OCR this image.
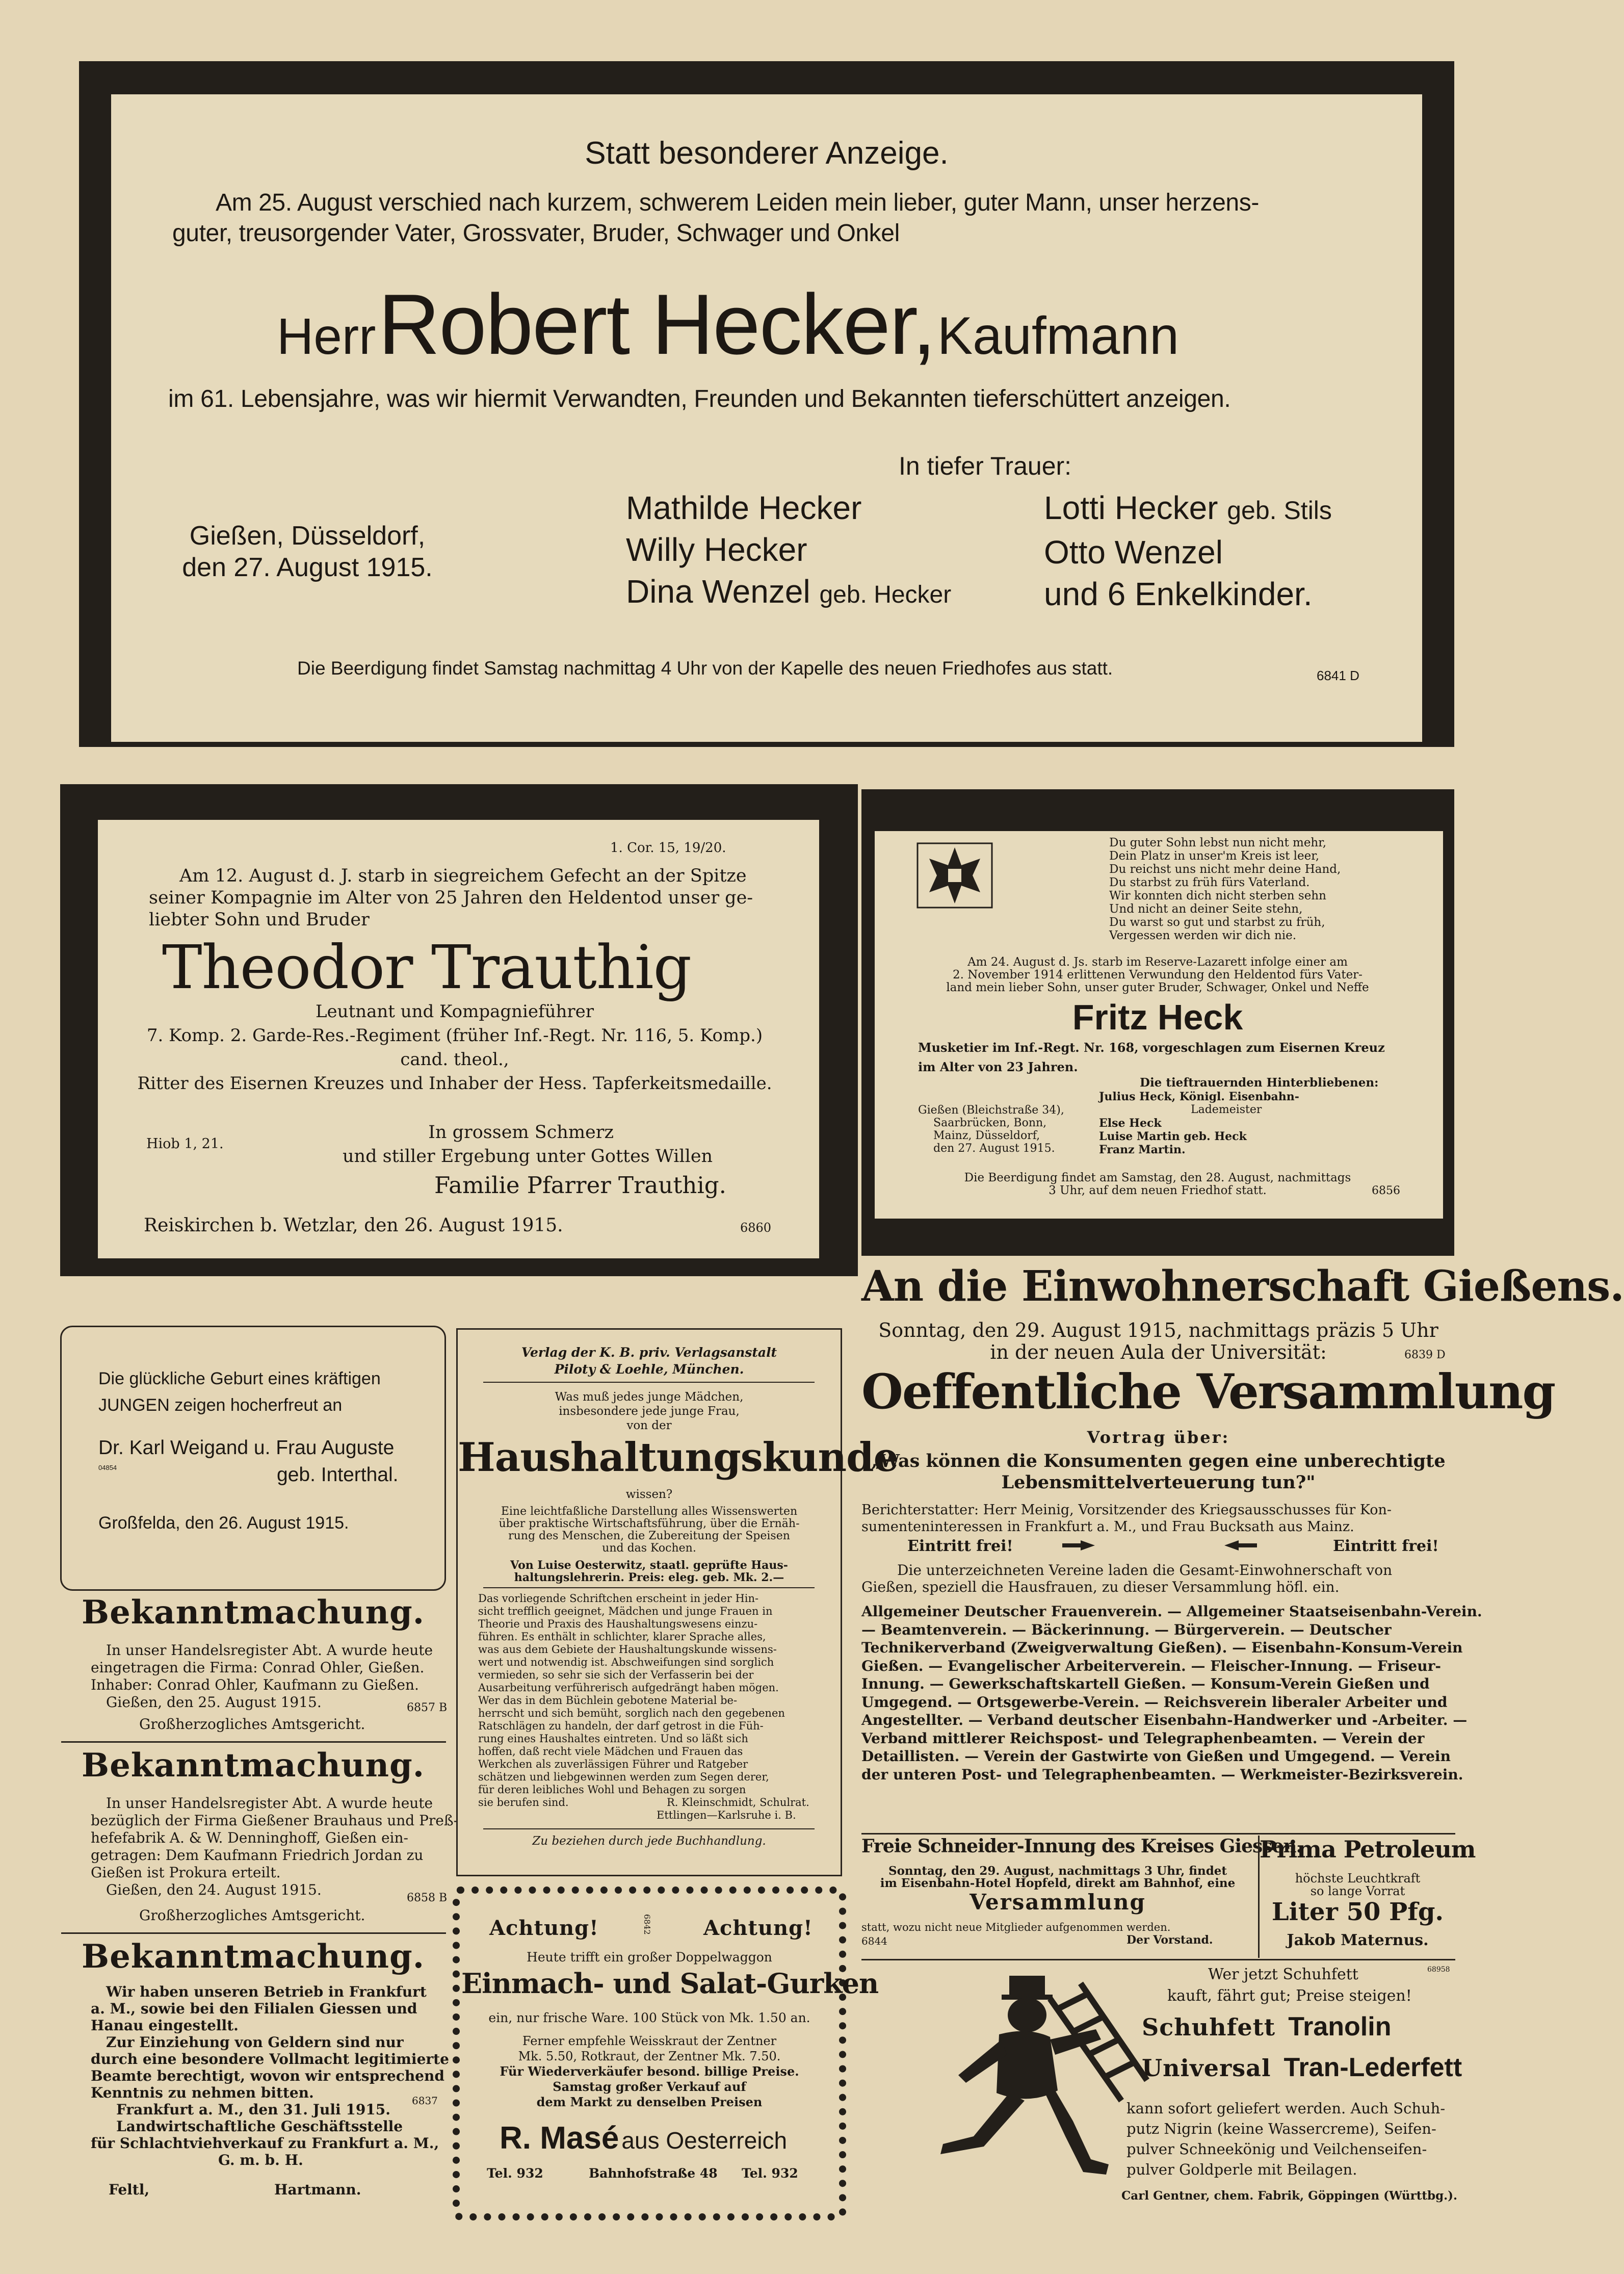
Statt besonderer Anzeige.
Am 25. August verschied nach kurzem, schwerem Leiden mein lieber, guter Mann, unser herzens-
guter, treusorgender Vater, Grossvater, Bruder, Schwager und Onkel
Herr Robert Hecker, Kaufmann
im 61. Lebensjahre, was wir hiermit Verwandten, Freunden und Bekannten tieferschüttert anzeigen.
In tiefer Trauer:
Gießen, Düsseldorf,
den 27. August 1915.
Mathilde Hecker
Willy Hecker
Dina Wenzel geb. Hecker
Lotti Hecker geb. Stils
Otto Wenzel
und 6 Enkelkinder.
Die Beerdigung findet Samstag nachmittag 4 Uhr von der Kapelle des neuen Friedhofes aus statt.	6841 D
1. Cor. 15, 19/20.
Am 12. August d. J. starb in siegreichem Gefecht an der Spitze
seiner Kompagnie im Alter von 25 Jahren den Heldentod unser ge-
liebter Sohn und Bruder
Theodor Trauthig
Leutnant und Kompagnieführer
7. Komp. 2. Garde-Res.-Regiment (früher Inf.-Regt. Nr. 116, 5. Komp.)
cand. theol.,
Ritter des Eisernen Kreuzes und Inhaber der Hess. Tapferkeitsmedaille.
Hiob 1, 21.
In grossem Schmerz
und stiller Ergebung unter Gottes Willen
Familie Pfarrer Trauthig.
Reiskirchen b. Wetzlar, den 26. August 1915.	6860
Du guter Sohn lebst nun nicht mehr,
Dein Platz in unser'm Kreis ist leer,
Du reichst uns nicht mehr deine Hand,
Du starbst zu früh fürs Vaterland.
Wir konnten dich nicht sterben sehn
Und nicht an deiner Seite stehn,
Du warst so gut und starbst zu früh,
Vergessen werden wir dich nie.
Am 24. August d. Js. starb im Reserve-Lazarett infolge einer am
2. November 1914 erlittenen Verwundung den Heldentod fürs Vater-
land mein lieber Sohn, unser guter Bruder, Schwager, Onkel und Neffe
Fritz Heck
Musketier im Inf.-Regt. Nr. 168, vorgeschlagen zum Eisernen Kreuz
im Alter von 23 Jahren.
Die tieftrauernden Hinterbliebenen:
Gießen (Bleichstraße 34),
Saarbrücken, Bonn,
Mainz, Düsseldorf,
den 27. August 1915.
Julius Heck, Königl. Eisenbahn-
Lademeister
Else Heck
Luise Martin geb. Heck
Franz Martin.
Die Beerdigung findet am Samstag, den 28. August, nachmittags
3 Uhr, auf dem neuen Friedhof statt.	6856
Die glückliche Geburt eines kräftigen
JUNGEN zeigen hocherfreut an
Dr. Karl Weigand u. Frau Auguste
04854	geb. Interthal.
Großfelda, den 26. August 1915.
Bekanntmachung.
In unser Handelsregister Abt. A wurde heute
eingetragen die Firma: Conrad Ohler, Gießen.
Inhaber: Conrad Ohler, Kaufmann zu Gießen.
Gießen, den 25. August 1915.
Großherzogliches Amtsgericht.
6857 B
Bekanntmachung.
In unser Handelsregister Abt. A wurde heute
bezüglich der Firma Gießener Brauhaus und Preß-
hefefabrik A. & W. Denninghoff, Gießen ein-
getragen: Dem Kaufmann Friedrich Jordan zu
Gießen ist Prokura erteilt.
Gießen, den 24. August 1915.
Großherzogliches Amtsgericht.
6858 B
Bekanntmachung.
Wir haben unseren Betrieb in Frankfurt
a. M., sowie bei den Filialen Giessen und
Hanau eingestellt.
Zur Einziehung von Geldern sind nur
durch eine besondere Vollmacht legitimierte
Beamte berechtigt, wovon wir entsprechend
Kenntnis zu nehmen bitten.
Frankfurt a. M., den 31. Juli 1915.
Landwirtschaftliche Geschäftsstelle
für Schlachtviehverkauf zu Frankfurt a. M.,
G. m. b. H.
Feltl,	Hartmann.
6837
Verlag der K. B. priv. Verlagsanstalt
Piloty & Loehle, München.
Was muß jedes junge Mädchen,
insbesondere jede junge Frau,
von der
Haushaltungskunde
wissen?
Eine leichtfaßliche Darstellung alles Wissenswerten
über praktische Wirtschaftsführung, über die Ernäh-
rung des Menschen, die Zubereitung der Speisen
und das Kochen.
Von Luise Oesterwitz, staatl. geprüfte Haus-
haltungslehrerin. Preis: eleg. geb. Mk. 2.—
Das vorliegende Schriftchen erscheint in jeder Hin-
sicht trefflich geeignet, Mädchen und junge Frauen in
Theorie und Praxis des Haushaltungswesens einzu-
führen. Es enthält in schlichter, klarer Sprache alles,
was aus dem Gebiete der Haushaltungskunde wissens-
wert und notwendig ist. Abschweifungen sind sorglich
vermieden, so sehr sie sich der Verfasserin bei der
Ausarbeitung verführerisch aufgedrängt haben mögen.
Wer das in dem Büchlein gebotene Material be-
herrscht und sich bemüht, sorglich nach den gegebenen
Ratschlägen zu handeln, der darf getrost in die Füh-
rung eines Haushaltes eintreten. Und so läßt sich
hoffen, daß recht viele Mädchen und Frauen das
Werkchen als zuverlässigen Führer und Ratgeber
schätzen und liebgewinnen werden zum Segen derer,
für deren leibliches Wohl und Behagen zu sorgen
sie berufen sind.	R. Kleinschmidt, Schulrat.
Ettlingen—Karlsruhe i. B.
Zu beziehen durch jede Buchhandlung.
Achtung!	6842	Achtung!
Heute trifft ein großer Doppelwaggon
Einmach- und Salat-Gurken
ein, nur frische Ware. 100 Stück von Mk. 1.50 an.
Ferner empfehle Weisskraut der Zentner
Mk. 5.50, Rotkraut, der Zentner Mk. 7.50.
Für Wiederverkäufer besond. billige Preise.
Samstag großer Verkauf auf
dem Markt zu denselben Preisen
R. Masé aus Oesterreich
Tel. 932	Bahnhofstraße 48 Tel. 932
An die Einwohnerschaft Gießens.
Sonntag, den 29. August 1915, nachmittags präzis 5 Uhr
in der neuen Aula der Universität:	6839 D
Oeffentliche Versammlung
Vortrag über:
„Was können die Konsumenten gegen eine unberechtigte
Lebensmittelverteuerung tun?"
Berichterstatter: Herr Meinig, Vorsitzender des Kriegsausschusses für Kon-
sumenteninteressen in Frankfurt a. M., und Frau Bucksath aus Mainz.
Eintritt frei!	Eintritt frei!
Die unterzeichneten Vereine laden die Gesamt-Einwohnerschaft von
Gießen, speziell die Hausfrauen, zu dieser Versammlung höfl. ein.
Allgemeiner Deutscher Frauenverein. — Allgemeiner Staatseisenbahn-Verein.
— Beamtenverein. — Bäckerinnung. — Bürgerverein. — Deutscher
Technikerverband (Zweigverwaltung Gießen). — Eisenbahn-Konsum-Verein
Gießen. — Evangelischer Arbeiterverein. — Fleischer-Innung. — Friseur-
Innung. — Gewerkschaftskartell Gießen. — Konsum-Verein Gießen und
Umgegend. — Ortsgewerbe-Verein. — Reichsverein liberaler Arbeiter und
Angestellter. — Verband deutscher Eisenbahn-Handwerker und -Arbeiter. —
Verband mittlerer Reichspost- und Telegraphenbeamten. — Verein der
Detaillisten. — Verein der Gastwirte von Gießen und Umgegend. — Verein
der unteren Post- und Telegraphenbeamten. — Werkmeister-Bezirksverein.
Freie Schneider-Innung des Kreises Giessen.
Sonntag, den 29. August, nachmittags 3 Uhr, findet
im Eisenbahn-Hotel Hopfeld, direkt am Bahnhof, eine
Versammlung
statt, wozu nicht neue Mitglieder aufgenommen werden.
6844	Der Vorstand.
Prima Petroleum
höchste Leuchtkraft
so lange Vorrat
Liter 50 Pfg.
Jakob Maternus.
Wer jetzt Schuhfett	68958
kauft, fährt gut; Preise steigen!
Schuhfett Tranolin
Universal Tran-Lederfett
kann sofort geliefert werden. Auch Schuh-
putz Nigrin (keine Wassercreme), Seifen-
pulver Schneekönig und Veilchenseifen-
pulver Goldperle mit Beilagen.
Carl Gentner, chem. Fabrik, Göppingen (Württbg.).
